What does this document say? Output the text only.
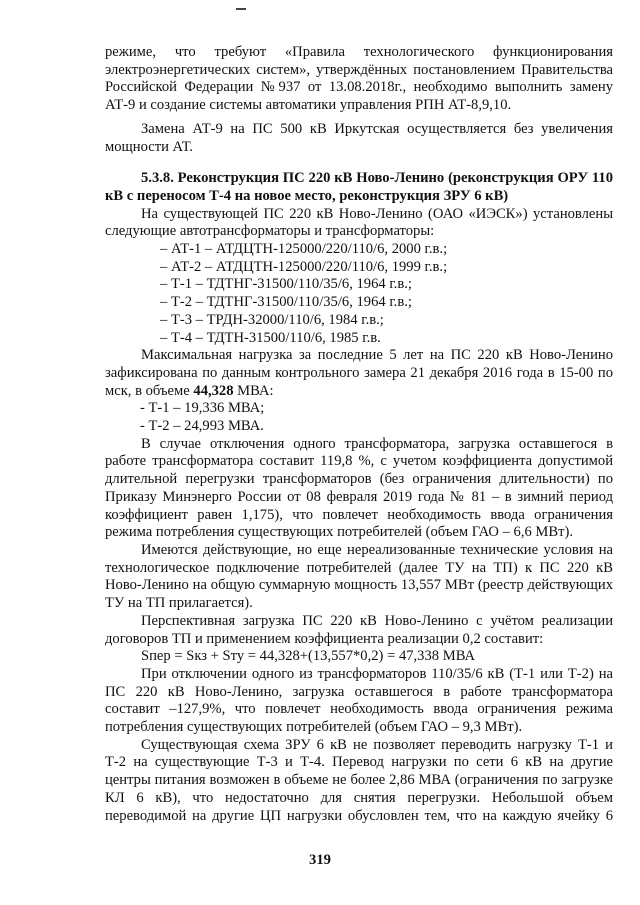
режиме, что требуют «Правила технологического функционирования электроэнергетических систем», утверждённых постановлением Правительства Российской Федерации №937 от 13.08.2018г., необходимо выполнить замену АТ-9 и создание системы автоматики управления РПН АТ-8,9,10.

Замена АТ-9 на ПС 500 кВ Иркутская осуществляется без увеличения мощности АТ.

5.3.8. Реконструкция ПС 220 кВ Ново-Ленино (реконструкция ОРУ 110 кВ с переносом Т-4 на новое место, реконструкция ЗРУ 6 кВ)

На существующей ПС 220 кВ Ново-Ленино (ОАО «ИЭСК») установлены следующие автотрансформаторы и трансформаторы:

– АТ-1 – АТДЦТН-125000/220/110/6, 2000 г.в.;

– АТ-2 – АТДЦТН-125000/220/110/6, 1999 г.в.;

– Т-1 – ТДТНГ-31500/110/35/6, 1964 г.в.;

– Т-2 – ТДТНГ-31500/110/35/6, 1964 г.в.;

– Т-3 – ТРДН-32000/110/6, 1984 г.в.;

– Т-4 – ТДТН-31500/110/6, 1985 г.в.

Максимальная нагрузка за последние 5 лет на ПС 220 кВ Ново-Ленино зафиксирована по данным контрольного замера 21 декабря 2016 года в 15-00 по мск, в объеме 44,328 МВА:

- Т-1 – 19,336 МВА;

- Т-2 – 24,993 МВА.

В случае отключения одного трансформатора, загрузка оставшегося в работе трансформатора составит 119,8 %, с учетом коэффициента допустимой длительной перегрузки трансформаторов (без ограничения длительности) по Приказу Минэнерго России от 08 февраля 2019 года № 81 – в зимний период коэффициент равен 1,175), что повлечет необходимость ввода ограничения режима потребления существующих потребителей (объем ГАО – 6,6 МВт).

Имеются действующие, но еще нереализованные технические условия на технологическое подключение потребителей (далее ТУ на ТП) к ПС 220 кВ Ново-Ленино на общую суммарную мощность 13,557 МВт (реестр действующих ТУ на ТП прилагается).

Перспективная загрузка ПС 220 кВ Ново-Ленино с учётом реализации договоров ТП и применением коэффициента реализации 0,2 составит:

Sпер = Sкз + Sту = 44,328+(13,557*0,2) = 47,338 МВА

При отключении одного из трансформаторов 110/35/6 кВ (Т-1 или Т-2) на ПС 220 кВ Ново-Ленино, загрузка оставшегося в работе трансформатора составит –127,9%, что повлечет необходимость ввода ограничения режима потребления существующих потребителей (объем ГАО – 9,3 МВт).

Существующая схема ЗРУ 6 кВ не позволяет переводить нагрузку Т-1 и Т-2 на существующие Т-3 и Т-4. Перевод нагрузки по сети 6 кВ на другие центры питания возможен в объеме не более 2,86 МВА (ограничения по загрузке КЛ 6 кВ), что недостаточно для снятия перегрузки. Небольшой объем переводимой на другие ЦП нагрузки обусловлен тем, что на каждую ячейку 6

319
